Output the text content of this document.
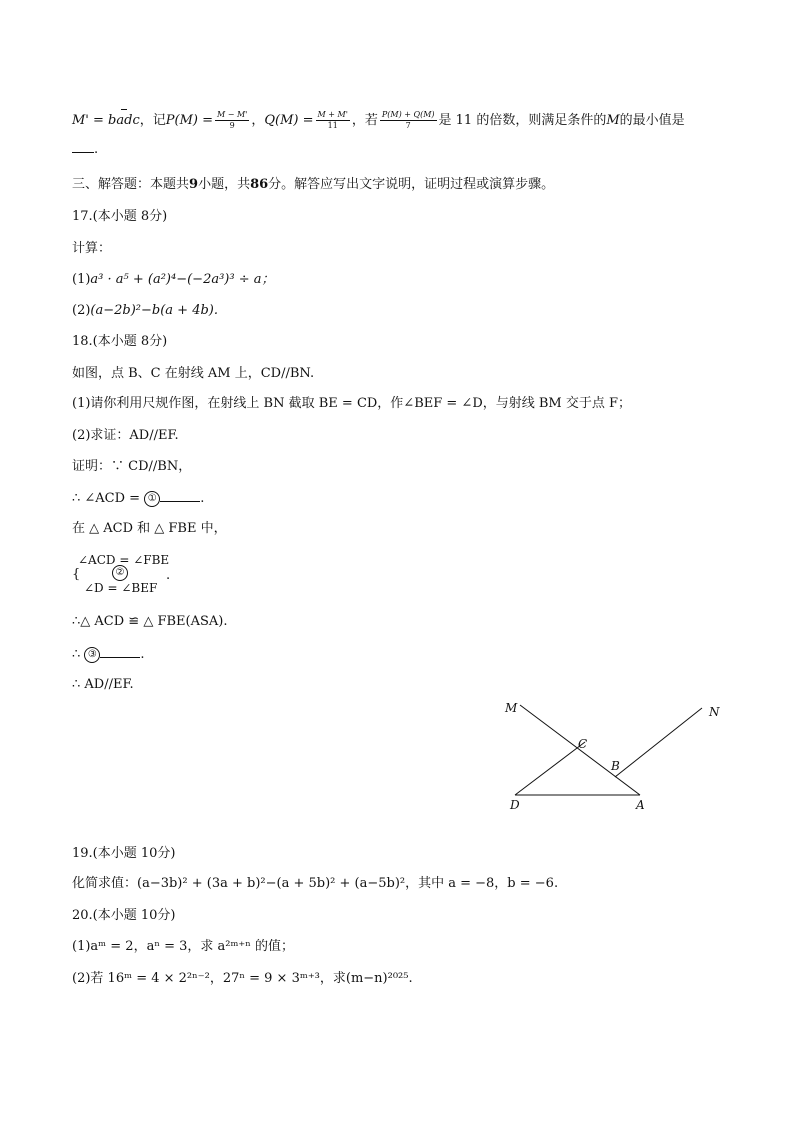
M' = badc，记$P(M) = \frac{M - M'}{9}$ ，$Q(M) = \frac{M + M'}{11}$ ，若 $\frac{P(M) + Q(M)}{7}$ 是 11 的倍数，则满足条件的M的最小值是
.
三、解答题：本题共9小题，共86分。解答应写出文字说明，证明过程或演算步骤。
17.(本小题 8分)
计算：
(1)a³ · a⁵ + (a²)⁴−(−2a³)³ ÷ a；
(2)(a−2b)²−b(a + 4b).
18.(本小题 8分)
如图，点 B、C 在射线 AM 上，CD//BN.
(1)请你利用尺规作图，在射线上 BN 截取 BE = CD，作∠BEF = ∠D，与射线 BM 交于点 F；
(2)求证：AD//EF.
证明：∵ CD//BN，
∴ ∠ACD = ①	.
在 △ ACD 和 △ FBE 中，
∠ACD = ∠FBE
{	②
∠D = ∠BEF
.
∴△ ACD ≌ △ FBE(ASA).
∴ ③	.
∴ AD//EF.
M	N
C
B
D	A
19.(本小题 10分)
化简求值：(a−3b)² + (3a + b)²−(a + 5b)² + (a−5b)²，其中 a = −8，b = −6.
20.(本小题 10分)
(1)aᵐ = 2，aⁿ = 3，求 a²ᵐ⁺ⁿ 的值；
(2)若 16ᵐ = 4 × 2²ⁿ⁻²，27ⁿ = 9 × 3ᵐ⁺³，求(m−n)²⁰²⁵.
